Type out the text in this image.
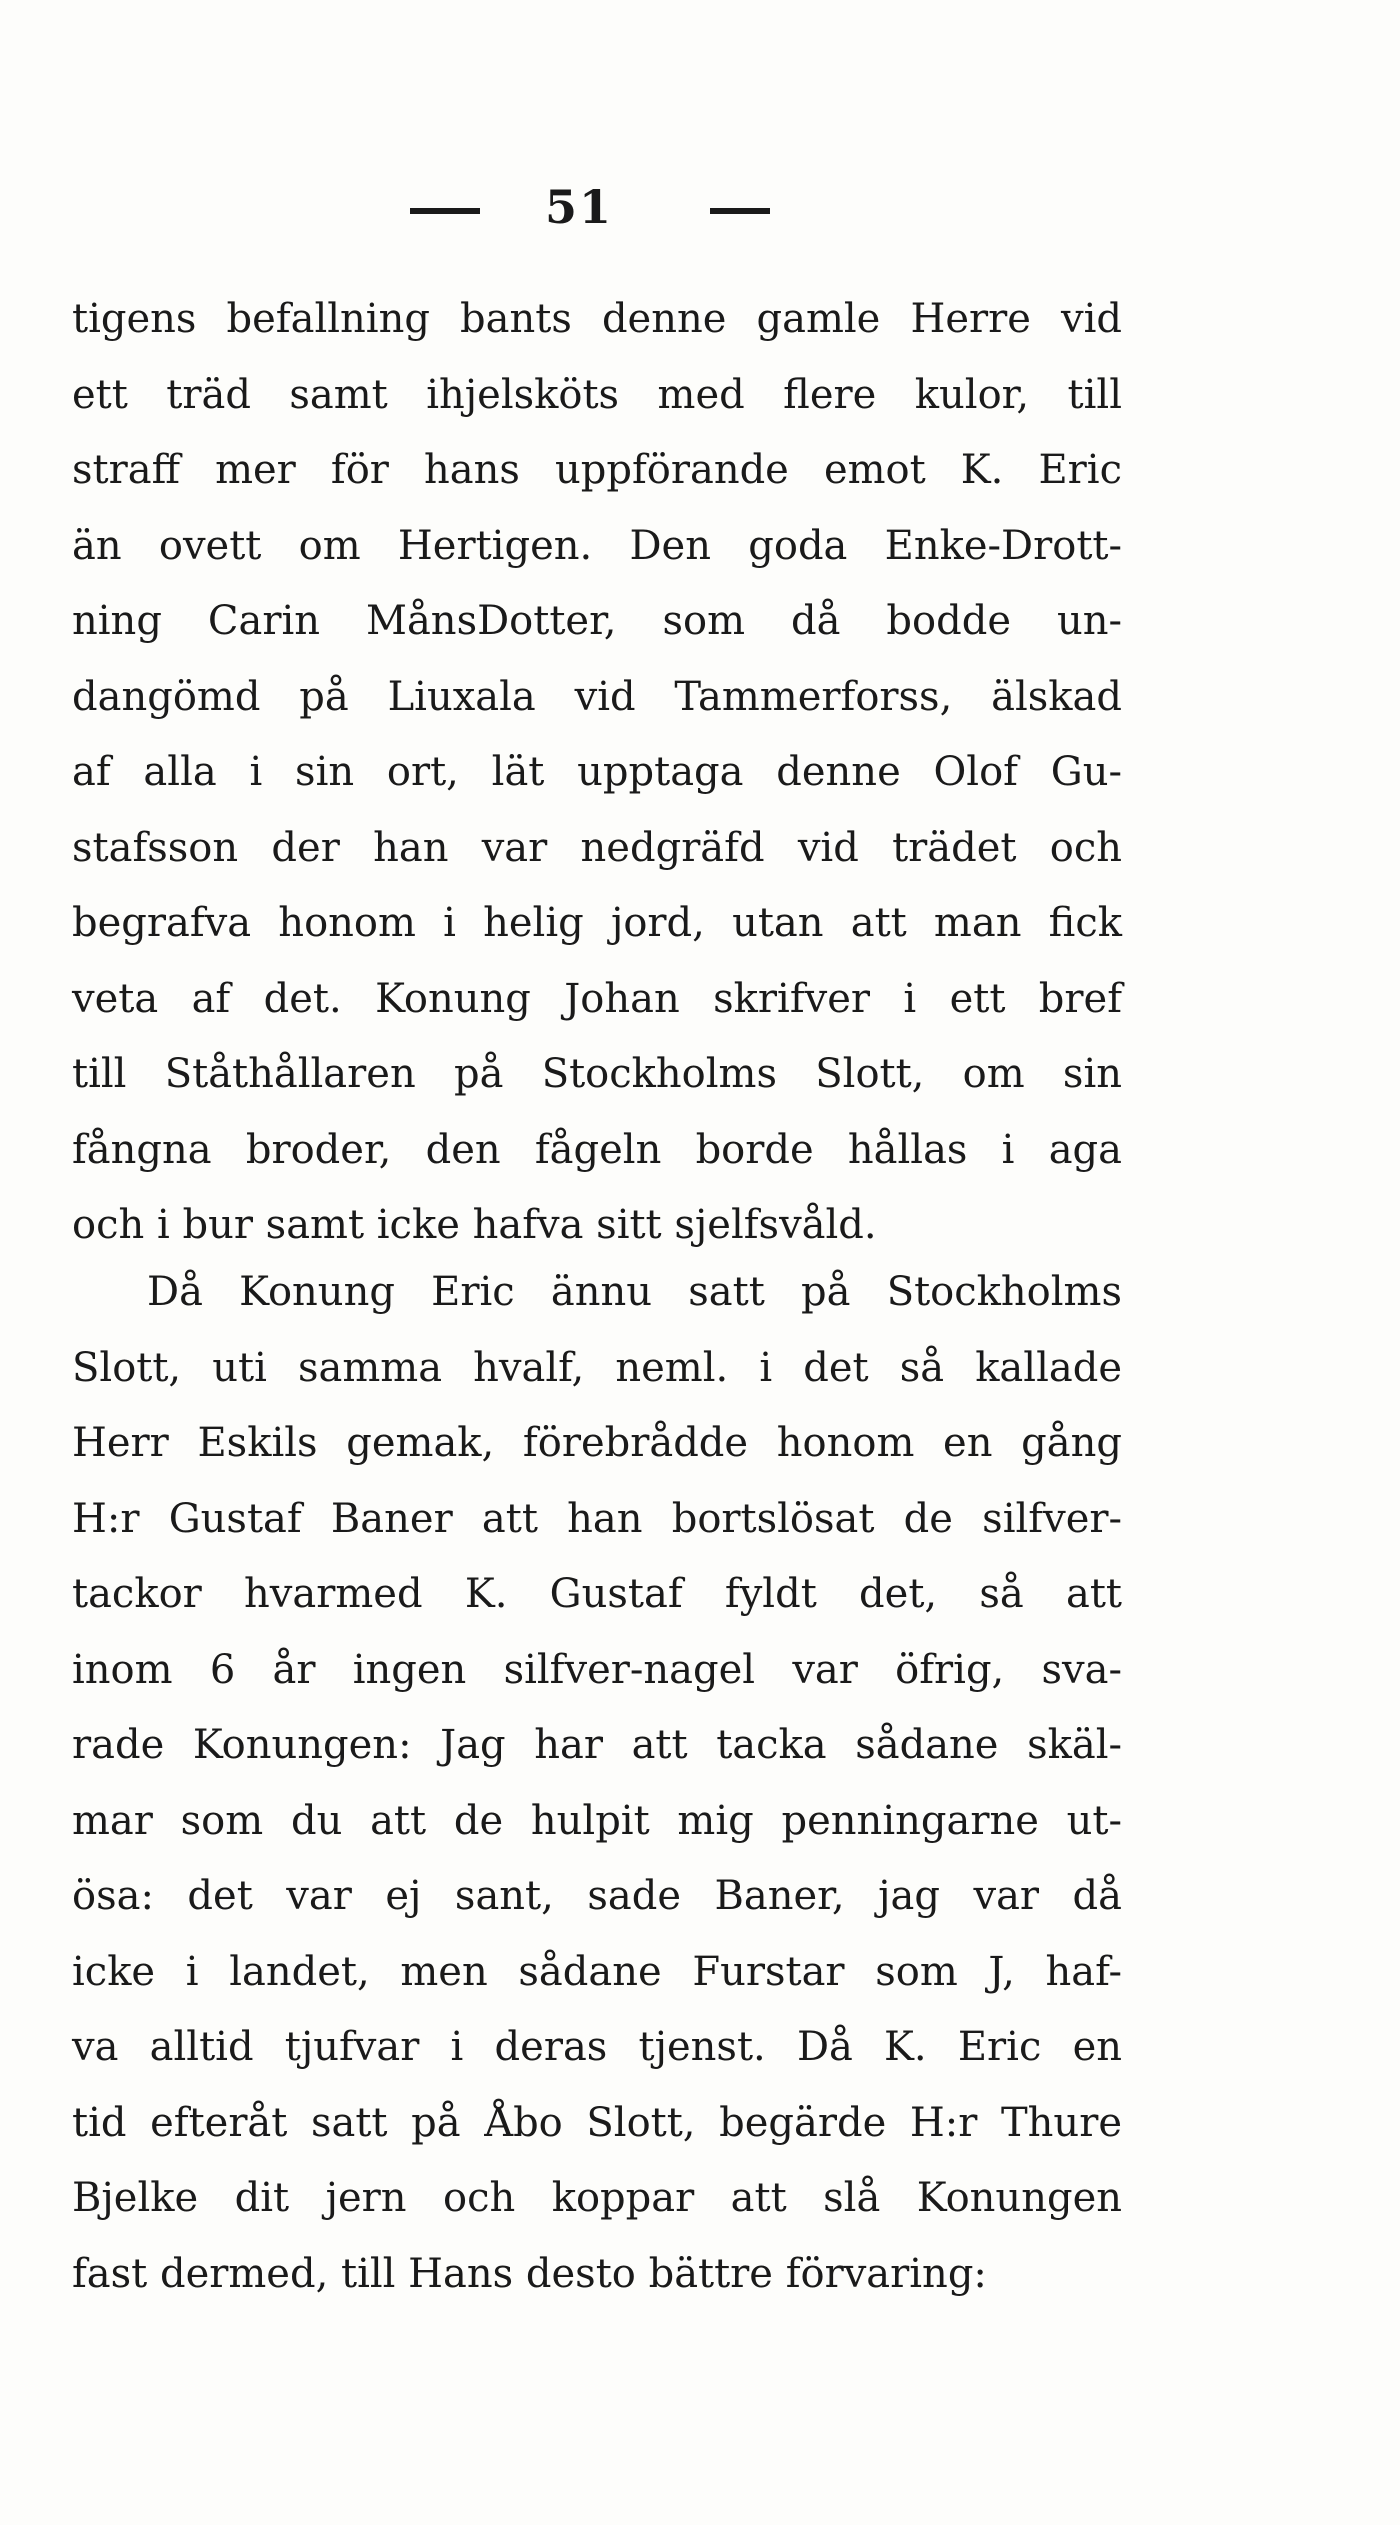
51
tigens befallning bants denne gamle Herre vid
ett träd samt ihjelsköts med flere kulor, till
straff mer för hans uppförande emot K. Eric
än ovett om Hertigen. Den goda Enke-Drott-
ning Carin MånsDotter, som då bodde un-
dangömd på Liuxala vid Tammerforss, älskad
af alla i sin ort, lät upptaga denne Olof Gu-
stafsson der han var nedgräfd vid trädet och
begrafva honom i helig jord, utan att man fick
veta af det. Konung Johan skrifver i ett bref
till Ståthållaren på Stockholms Slott, om sin
fångna broder, den fågeln borde hållas i aga
och i bur samt icke hafva sitt sjelfsvåld.
Då Konung Eric ännu satt på Stockholms
Slott, uti samma hvalf, neml. i det så kallade
Herr Eskils gemak, förebrådde honom en gång
H:r Gustaf Baner att han bortslösat de silfver-
tackor hvarmed K. Gustaf fyldt det, så att
inom 6 år ingen silfver-nagel var öfrig, sva-
rade Konungen: Jag har att tacka sådane skäl-
mar som du att de hulpit mig penningarne ut-
ösa: det var ej sant, sade Baner, jag var då
icke i landet, men sådane Furstar som J, haf-
va alltid tjufvar i deras tjenst. Då K. Eric en
tid efteråt satt på Åbo Slott, begärde H:r Thure
Bjelke dit jern och koppar att slå Konungen
fast dermed, till Hans desto bättre förvaring:
